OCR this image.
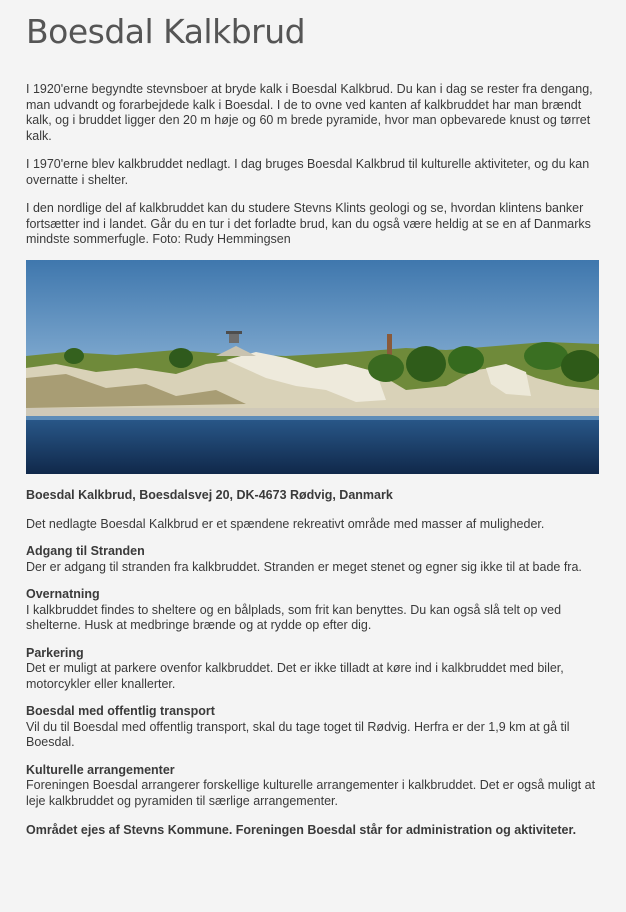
Boesdal Kalkbrud

I 1920'erne begyndte stevnsboer at bryde kalk i Boesdal Kalkbrud. Du kan i dag se rester fra dengang, man udvandt og forarbejdede kalk i Boesdal. I de to ovne ved kanten af kalkbruddet har man brændt kalk, og i bruddet ligger den 20 m høje og 60 m brede pyramide, hvor man opbevarede knust og tørret kalk.

I 1970'erne blev kalkbruddet nedlagt. I dag bruges Boesdal Kalkbrud til kulturelle aktiviteter, og du kan overnatte i shelter.

I den nordlige del af kalkbruddet kan du studere Stevns Klints geologi og se, hvordan klintens banker fortsætter ind i landet. Går du en tur i det forladte brud, kan du også være heldig at se en af Danmarks mindste sommerfugle. Foto: Rudy Hemmingsen

Boesdal Kalkbrud, Boesdalsvej 20, DK-4673 Rødvig, Danmark
Det nedlagte Boesdal Kalkbrud er et spændene rekreativt område med masser af muligheder.
Adgang til Stranden
Der er adgang til stranden fra kalkbruddet. Stranden er meget stenet og egner sig ikke til at bade fra.
Overnatning
I kalkbruddet findes to sheltere og en bålplads, som frit kan benyttes. Du kan også slå telt op ved shelterne. Husk at medbringe brænde og at rydde op efter dig.
Parkering
Det er muligt at parkere ovenfor kalkbruddet. Det er ikke tilladt at køre ind i kalkbruddet med biler, motorcykler eller knallerter.
Boesdal med offentlig transport
Vil du til Boesdal med offentlig transport, skal du tage toget til Rødvig. Herfra er der 1,9 km at gå til Boesdal.
Kulturelle arrangementer
Foreningen Boesdal arrangerer forskellige kulturelle arrangementer i kalkbruddet. Det er også muligt at leje kalkbruddet og pyramiden til særlige arrangementer.
Området ejes af Stevns Kommune. Foreningen Boesdal står for administration og aktiviteter.
